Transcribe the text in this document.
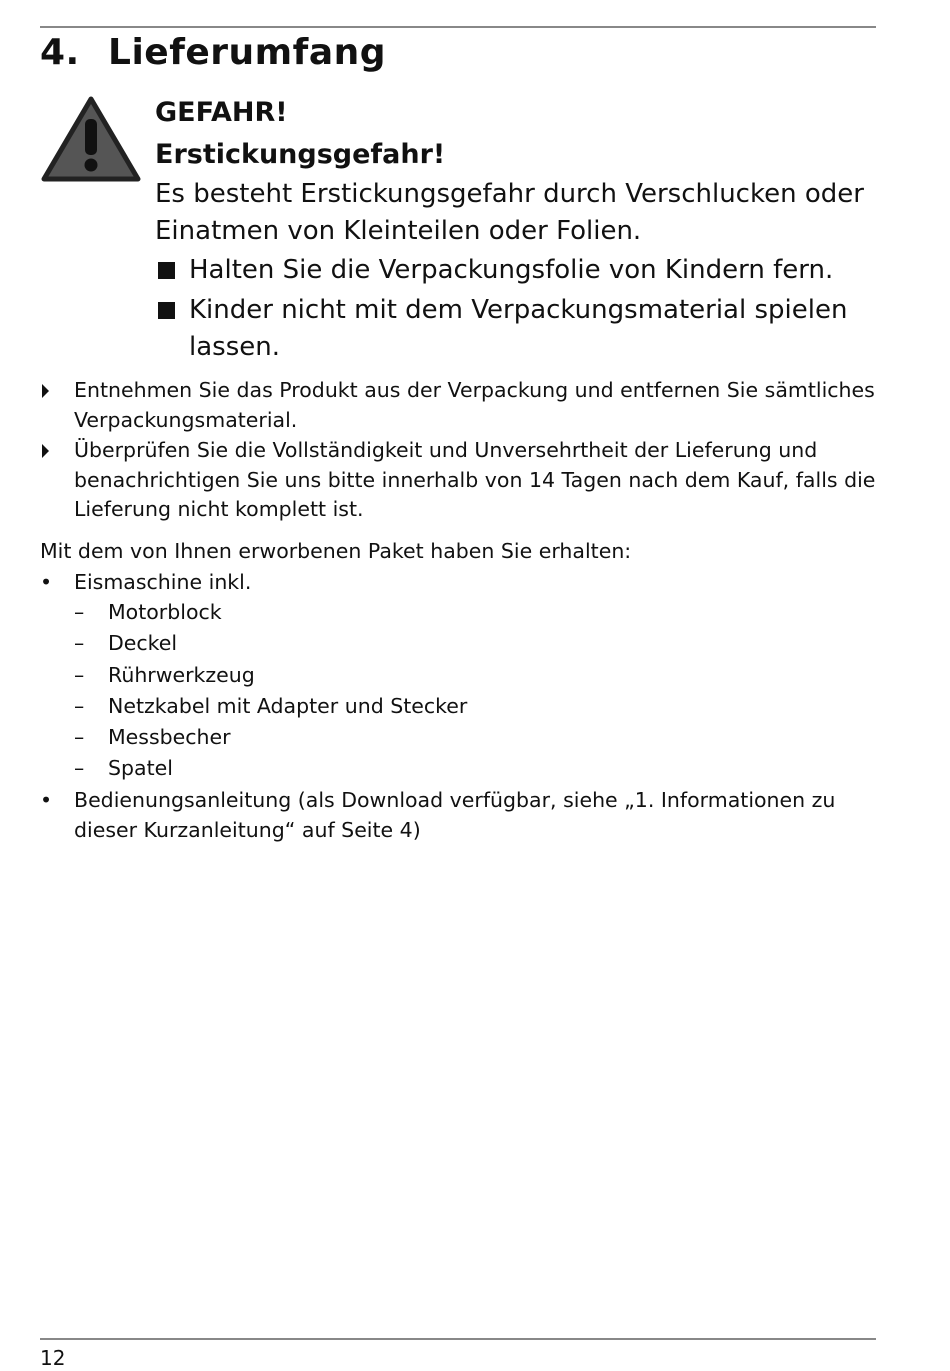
4. Lieferumfang

GEFAHR!

Erstickungsgefahr!

Es besteht Erstickungsgefahr durch Verschlucken oder Einatmen von Kleinteilen oder Folien.

Halten Sie die Verpackungsfolie von Kindern fern.
Kinder nicht mit dem Verpackungsmaterial spielen lassen.
Entnehmen Sie das Produkt aus der Verpackung und entfernen Sie sämtliches Verpackungsmaterial.
Überprüfen Sie die Vollständigkeit und Unversehrtheit der Lieferung und benachrichtigen Sie uns bitte innerhalb von 14 Tagen nach dem Kauf, falls die Lieferung nicht komplett ist.

Mit dem von Ihnen erworbenen Paket haben Sie erhalten:

• Eismaschine inkl.
– Motorblock
– Deckel
– Rührwerkzeug
– Netzkabel mit Adapter und Stecker
– Messbecher
– Spatel
• Bedienungsanleitung (als Download verfügbar, siehe „1. Informationen zu dieser Kurzanleitung“ auf Seite 4)

12
